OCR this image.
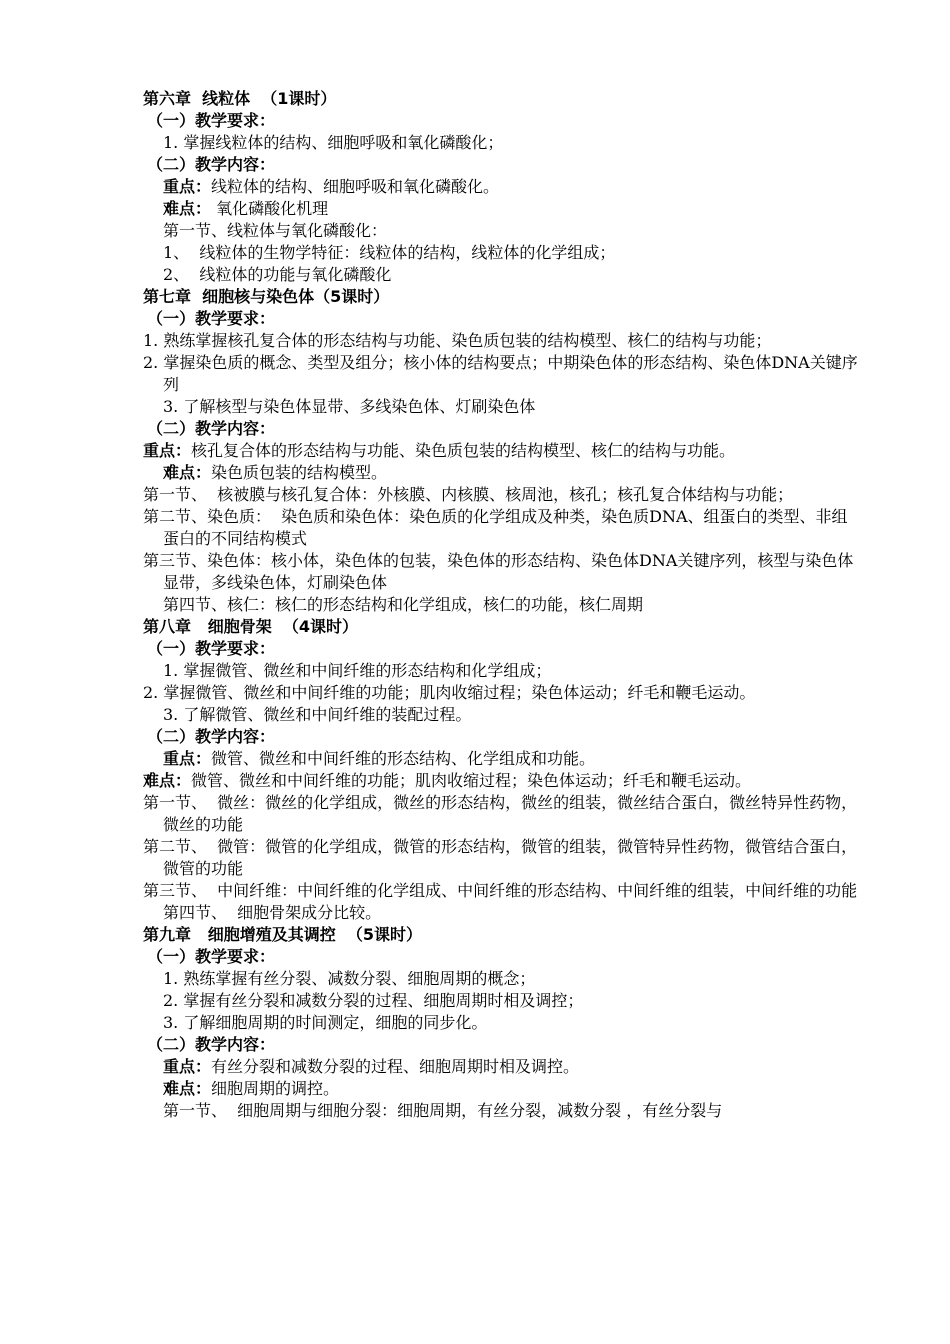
第六章  线粒体  （1课时）
（一）教学要求：
1. 掌握线粒体的结构、细胞呼吸和氧化磷酸化；
（二）教学内容：
重点：线粒体的结构、细胞呼吸和氧化磷酸化。
难点： 氧化磷酸化机理
第一节、线粒体与氧化磷酸化：
1、  线粒体的生物学特征：线粒体的结构，线粒体的化学组成；
2、  线粒体的功能与氧化磷酸化
第七章  细胞核与染色体（5课时）
（一）教学要求：
1. 熟练掌握核孔复合体的形态结构与功能、染色质包装的结构模型、核仁的结构与功能；
2. 掌握染色质的概念、类型及组分；核小体的结构要点；中期染色体的形态结构、染色体DNA关键序列
3. 了解核型与染色体显带、多线染色体、灯刷染色体
（二）教学内容：
重点：核孔复合体的形态结构与功能、染色质包装的结构模型、核仁的结构与功能。
难点：染色质包装的结构模型。
第一节、  核被膜与核孔复合体：外核膜、内核膜、核周池，核孔；核孔复合体结构与功能；
第二节、染色质：  染色质和染色体：染色质的化学组成及种类，染色质DNA、组蛋白的类型、非组蛋白的不同结构模式
第三节、染色体：核小体，染色体的包装，染色体的形态结构、染色体DNA关键序列，核型与染色体显带，多线染色体，灯刷染色体
第四节、核仁：核仁的形态结构和化学组成，核仁的功能，核仁周期
第八章   细胞骨架  （4课时）
（一）教学要求：
1. 掌握微管、微丝和中间纤维的形态结构和化学组成；
2. 掌握微管、微丝和中间纤维的功能；肌肉收缩过程；染色体运动；纤毛和鞭毛运动。
3. 了解微管、微丝和中间纤维的装配过程。
（二）教学内容：
重点：微管、微丝和中间纤维的形态结构、化学组成和功能。
难点：微管、微丝和中间纤维的功能；肌肉收缩过程；染色体运动；纤毛和鞭毛运动。
第一节、  微丝：微丝的化学组成，微丝的形态结构，微丝的组装，微丝结合蛋白，微丝特异性药物，微丝的功能
第二节、  微管：微管的化学组成，微管的形态结构，微管的组装，微管特异性药物，微管结合蛋白，微管的功能
第三节、  中间纤维：中间纤维的化学组成、中间纤维的形态结构、中间纤维的组装，中间纤维的功能
第四节、  细胞骨架成分比较。
第九章   细胞增殖及其调控  （5课时）
（一）教学要求：
1. 熟练掌握有丝分裂、减数分裂、细胞周期的概念；
2. 掌握有丝分裂和减数分裂的过程、细胞周期时相及调控；
3. 了解细胞周期的时间测定，细胞的同步化。
（二）教学内容：
重点：有丝分裂和减数分裂的过程、细胞周期时相及调控。
难点：细胞周期的调控。
第一节、  细胞周期与细胞分裂：细胞周期，有丝分裂，减数分裂 ，有丝分裂与
